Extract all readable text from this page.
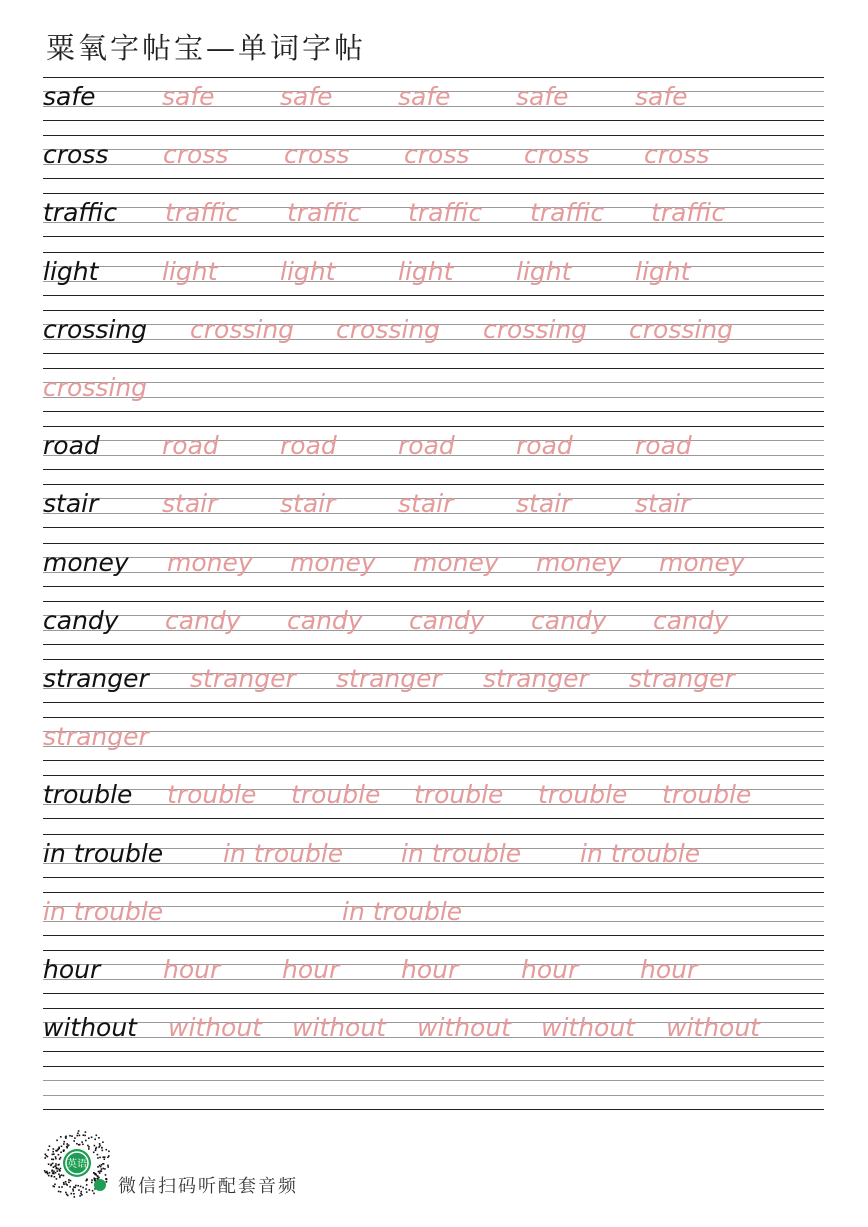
粟氧字帖宝—单词字帖
safe	safe	safe	safe	safe	safe
cross cross cross cross cross cross
traffic traffic traffic traffic traffic traffic
light	light	light	light	light	light
crossing crossing crossing crossing crossing
crossing
road road road road road road
stair	stair	stair	stair	stair	stair
money money money money money money
candy candy candy candy candy candy
stranger stranger stranger stranger stranger
stranger
trouble trouble trouble trouble trouble trouble
in trouble in trouble in trouble in trouble
in trouble	in trouble
hour	hour hour hour	hour hour
without without without without without without
英语
微信扫码听配套音频
